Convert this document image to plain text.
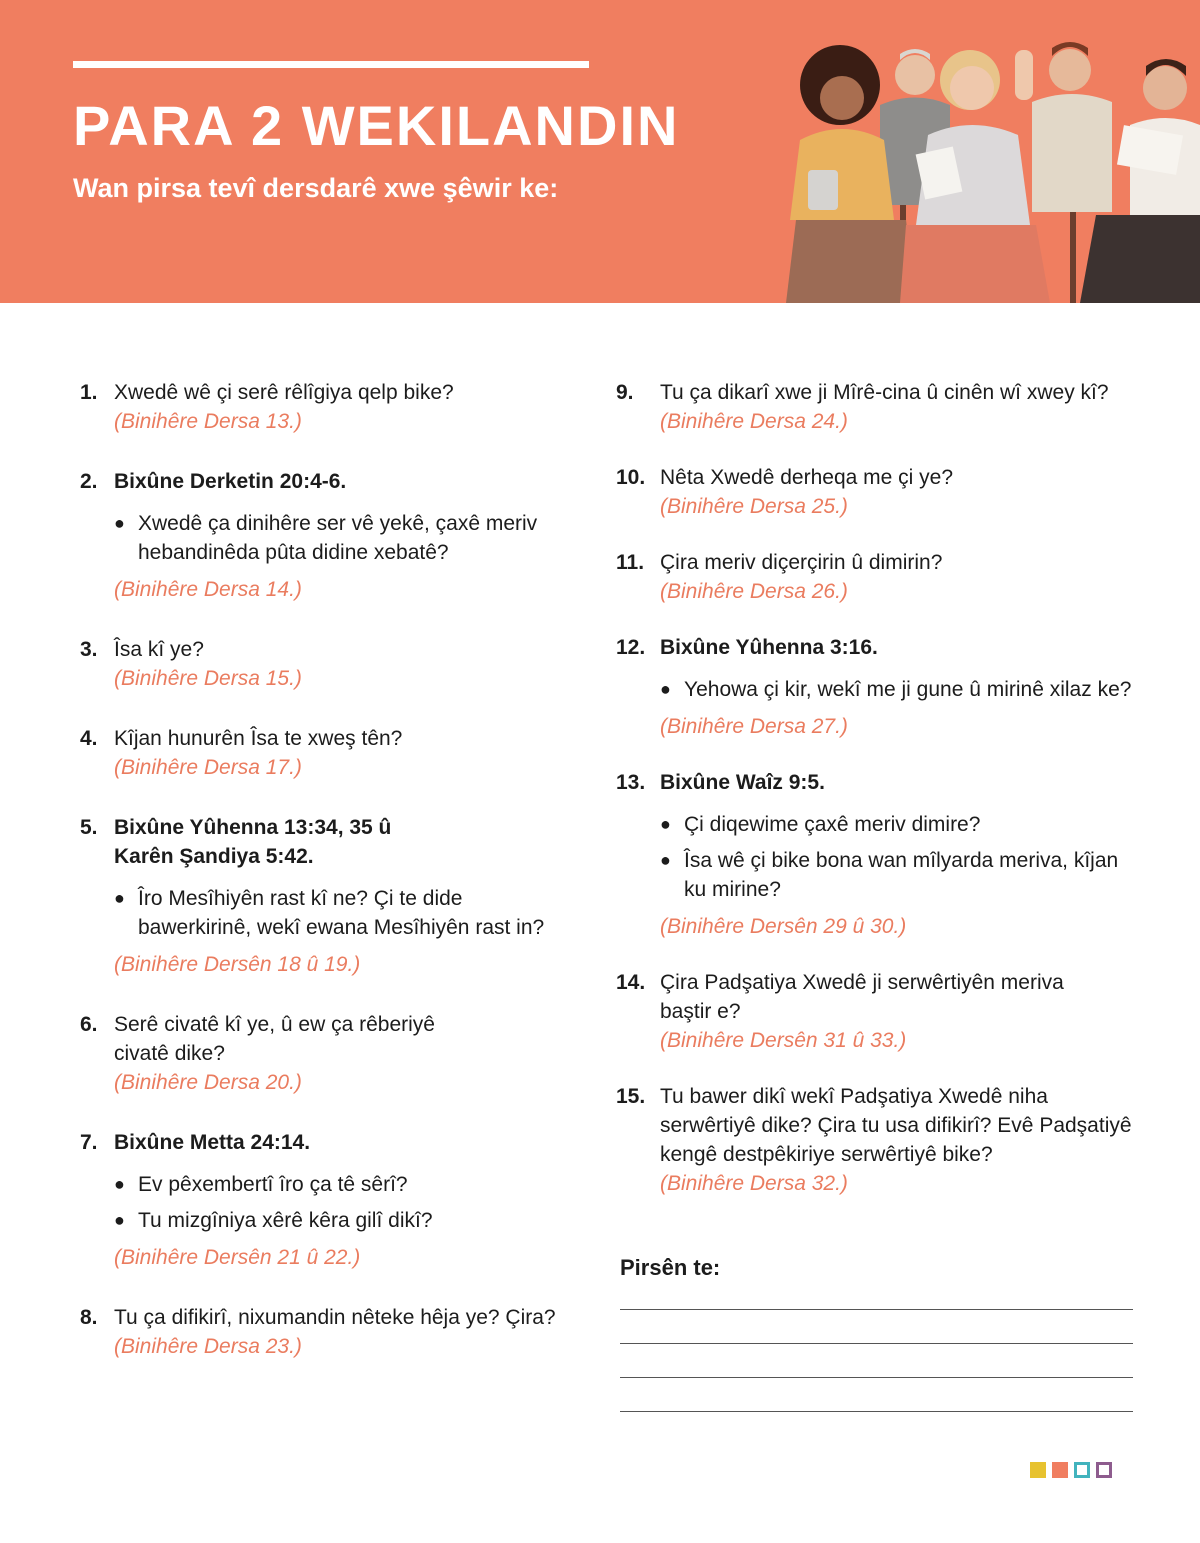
PARA 2 WEKILANDIN

Wan pirsa tevî dersdarê xwe şêwir ke:

1. Xwedê wê çi serê rêlîgiya qelp bike?
(Binihêre Dersa 13.)
2. Bixûne Derketin 20:4-6.
● Xwedê ça dinihêre ser vê yekê, çaxê meriv hebandinêda pûta didine xebatê?
(Binihêre Dersa 14.)
3. Îsa kî ye?
(Binihêre Dersa 15.)
4. Kîjan hunurên Îsa te xweş tên?
(Binihêre Dersa 17.)
5. Bixûne Yûhenna 13:34, 35 û Karên Şandiya 5:42.
● Îro Mesîhiyên rast kî ne? Çi te dide bawerkirinê, wekî ewana Mesîhiyên rast in?
(Binihêre Dersên 18 û 19.)
6. Serê civatê kî ye, û ew ça rêberiyê civatê dike?
(Binihêre Dersa 20.)
7. Bixûne Metta 24:14.
● Ev pêxembertî îro ça tê sêrî?
● Tu mizgîniya xêrê kêra gilî dikî?
(Binihêre Dersên 21 û 22.)
8. Tu ça difikirî, nixumandin nêteke hêja ye? Çira?
(Binihêre Dersa 23.)
9. Tu ça dikarî xwe ji Mîrê-cina û cinên wî xwey kî?
(Binihêre Dersa 24.)
10. Nêta Xwedê derheqa me çi ye?
(Binihêre Dersa 25.)
11. Çira meriv diçerçirin û dimirin?
(Binihêre Dersa 26.)
12. Bixûne Yûhenna 3:16.
● Yehowa çi kir, wekî me ji gune û mirinê xilaz ke?
(Binihêre Dersa 27.)
13. Bixûne Waîz 9:5.
● Çi diqewime çaxê meriv dimire?
● Îsa wê çi bike bona wan mîlyarda meriva, kîjan ku mirine?
(Binihêre Dersên 29 û 30.)
14. Çira Padşatiya Xwedê ji serwêrtiyên meriva baştir e?
(Binihêre Dersên 31 û 33.)
15. Tu bawer dikî wekî Padşatiya Xwedê niha serwêrtiyê dike? Çira tu usa difikirî? Evê Padşatiyê kengê destpêkiriye serwêrtiyê bike?
(Binihêre Dersa 32.)

Pirsên te:
